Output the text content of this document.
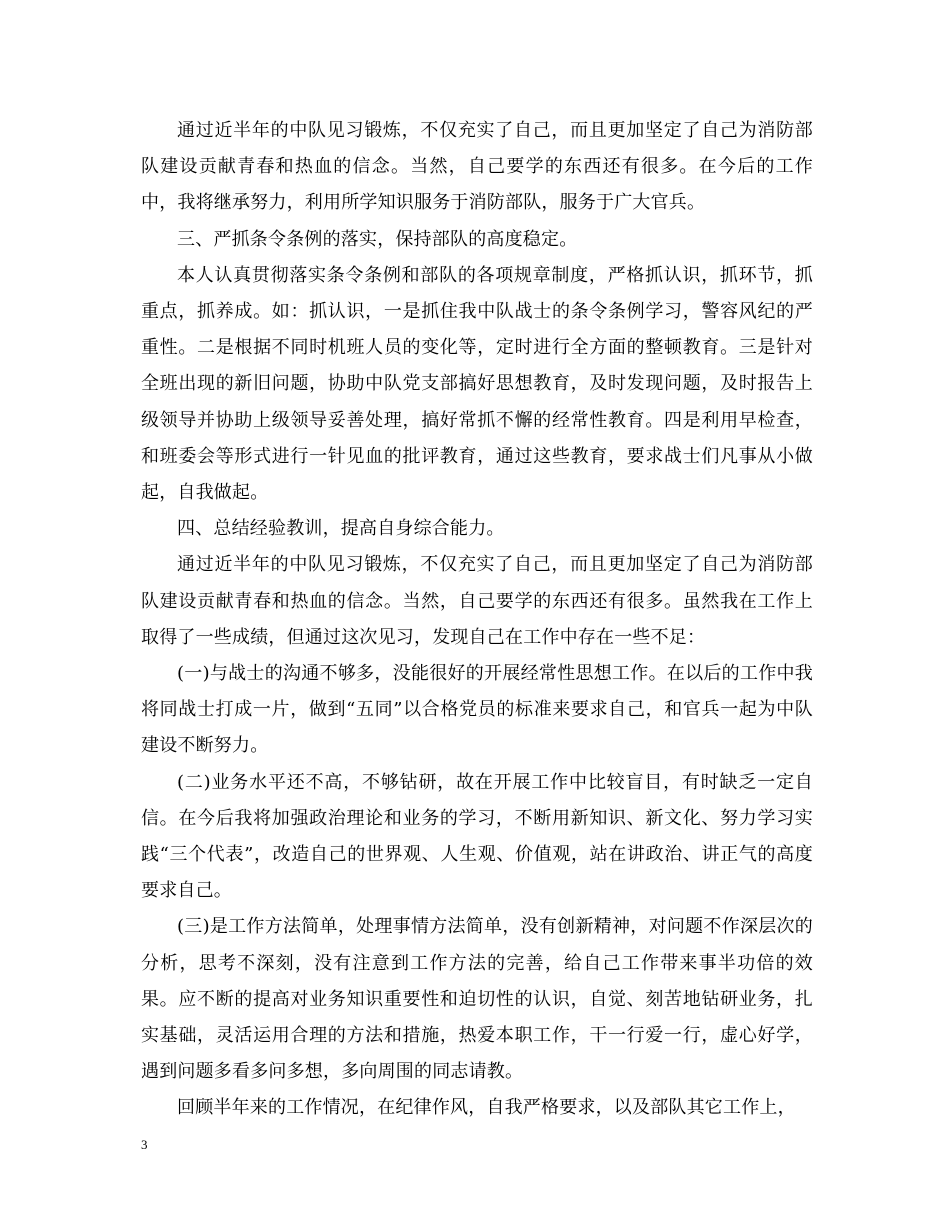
通过近半年的中队见习锻炼，不仅充实了自己，而且更加坚定了自己为消防部队建设贡献青春和热血的信念。当然，自己要学的东西还有很多。在今后的工作中，我将继承努力，利用所学知识服务于消防部队，服务于广大官兵。

三、严抓条令条例的落实，保持部队的高度稳定。

本人认真贯彻落实条令条例和部队的各项规章制度，严格抓认识，抓环节，抓重点，抓养成。如：抓认识，一是抓住我中队战士的条令条例学习，警容风纪的严重性。二是根据不同时机班人员的变化等，定时进行全方面的整顿教育。三是针对全班出现的新旧问题，协助中队党支部搞好思想教育，及时发现问题，及时报告上级领导并协助上级领导妥善处理，搞好常抓不懈的经常性教育。四是利用早检查，和班委会等形式进行一针见血的批评教育，通过这些教育，要求战士们凡事从小做起，自我做起。

四、总结经验教训，提高自身综合能力。

通过近半年的中队见习锻炼，不仅充实了自己，而且更加坚定了自己为消防部队建设贡献青春和热血的信念。当然，自己要学的东西还有很多。虽然我在工作上取得了一些成绩，但通过这次见习，发现自己在工作中存在一些不足：

(一)与战士的沟通不够多，没能很好的开展经常性思想工作。在以后的工作中我将同战士打成一片，做到“五同”以合格党员的标准来要求自己，和官兵一起为中队建设不断努力。

(二)业务水平还不高，不够钻研，故在开展工作中比较盲目，有时缺乏一定自信。在今后我将加强政治理论和业务的学习，不断用新知识、新文化、努力学习实践“三个代表”，改造自己的世界观、人生观、价值观，站在讲政治、讲正气的高度要求自己。

(三)是工作方法简单，处理事情方法简单，没有创新精神，对问题不作深层次的分析，思考不深刻，没有注意到工作方法的完善，给自己工作带来事半功倍的效果。应不断的提高对业务知识重要性和迫切性的认识，自觉、刻苦地钻研业务，扎实基础，灵活运用合理的方法和措施，热爱本职工作，干一行爱一行，虚心好学，遇到问题多看多问多想，多向周围的同志请教。

回顾半年来的工作情况，在纪律作风，自我严格要求，以及部队其它工作上，

3
